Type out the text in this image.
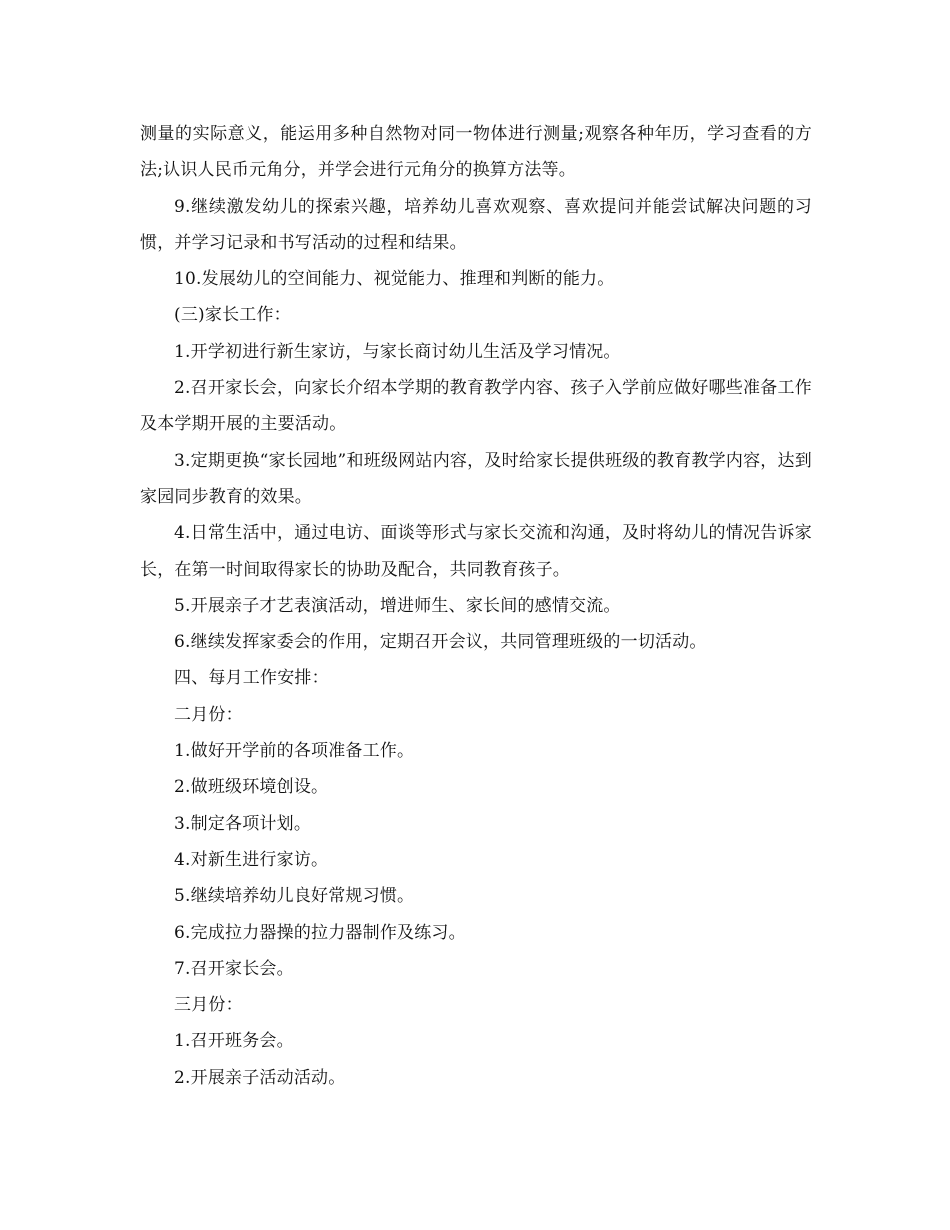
测量的实际意义，能运用多种自然物对同一物体进行测量;观察各种年历，学习查看的方法;认识人民币元角分，并学会进行元角分的换算方法等。

9.继续激发幼儿的探索兴趣，培养幼儿喜欢观察、喜欢提问并能尝试解决问题的习惯，并学习记录和书写活动的过程和结果。

10.发展幼儿的空间能力、视觉能力、推理和判断的能力。

(三)家长工作：

1.开学初进行新生家访，与家长商讨幼儿生活及学习情况。

2.召开家长会，向家长介绍本学期的教育教学内容、孩子入学前应做好哪些准备工作及本学期开展的主要活动。

3.定期更换“家长园地”和班级网站内容，及时给家长提供班级的教育教学内容，达到家园同步教育的效果。

4.日常生活中，通过电访、面谈等形式与家长交流和沟通，及时将幼儿的情况告诉家长，在第一时间取得家长的协助及配合，共同教育孩子。

5.开展亲子才艺表演活动，增进师生、家长间的感情交流。

6.继续发挥家委会的作用，定期召开会议，共同管理班级的一切活动。

四、每月工作安排：

二月份：

1.做好开学前的各项准备工作。

2.做班级环境创设。

3.制定各项计划。

4.对新生进行家访。

5.继续培养幼儿良好常规习惯。

6.完成拉力器操的拉力器制作及练习。

7.召开家长会。

三月份：

1.召开班务会。

2.开展亲子活动活动。
